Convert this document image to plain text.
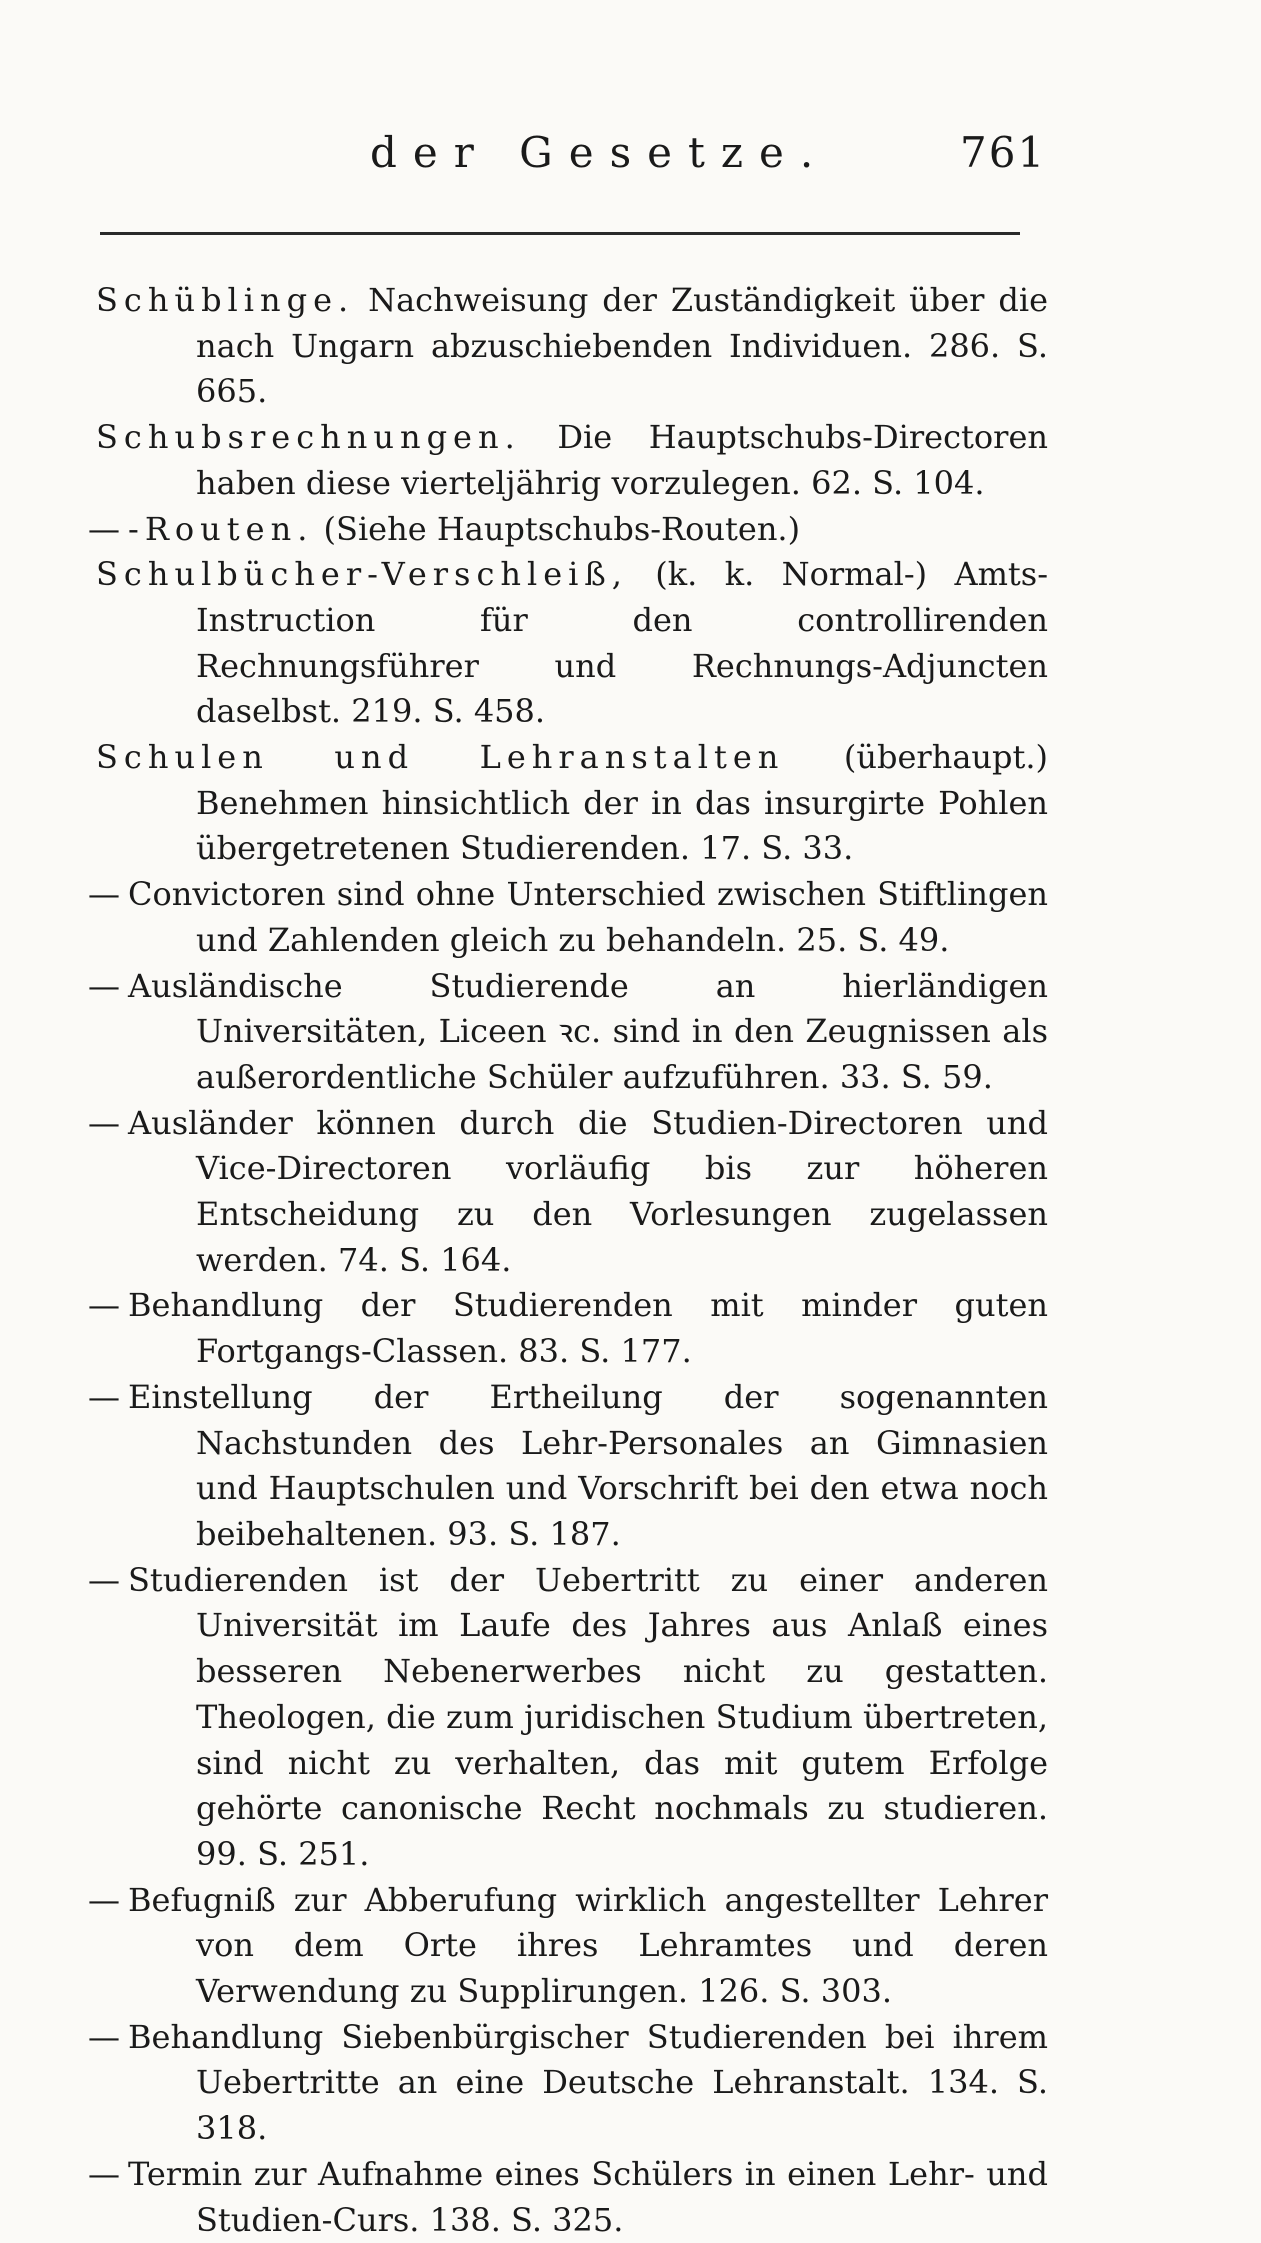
der Gesetze.	761

Schüblinge. Nachweisung der Zuständigkeit über die nach Ungarn abzuschiebenden Individuen. 286. S. 665.

Schubsrechnungen. Die Hauptschubs-Directoren haben diese vierteljährig vorzulegen. 62. S. 104.

— -Routen. (Siehe Hauptschubs-Routen.)

Schulbücher-Verschleiß, (k. k. Normal-) Amts-Instruction für den controllirenden Rechnungsführer und Rechnungs-Adjuncten daselbst. 219. S. 458.

Schulen und Lehranstalten (überhaupt.) Benehmen hinsichtlich der in das insurgirte Pohlen übergetretenen Studierenden. 17. S. 33.

— Convictoren sind ohne Unterschied zwischen Stiftlingen und Zahlenden gleich zu behandeln. 25. S. 49.

— Ausländische Studierende an hierländigen Universitäten, Liceen ꝛc. sind in den Zeugnissen als außerordentliche Schüler aufzuführen. 33. S. 59.

— Ausländer können durch die Studien-Directoren und Vice-Directoren vorläufig bis zur höheren Entscheidung zu den Vorlesungen zugelassen werden. 74. S. 164.

— Behandlung der Studierenden mit minder guten Fortgangs-Classen. 83. S. 177.

— Einstellung der Ertheilung der sogenannten Nachstunden des Lehr-Personales an Gimnasien und Hauptschulen und Vorschrift bei den etwa noch beibehaltenen. 93. S. 187.

— Studierenden ist der Uebertritt zu einer anderen Universität im Laufe des Jahres aus Anlaß eines besseren Nebenerwerbes nicht zu gestatten. Theologen, die zum juridischen Studium übertreten, sind nicht zu verhalten, das mit gutem Erfolge gehörte canonische Recht nochmals zu studieren. 99. S. 251.

— Befugniß zur Abberufung wirklich angestellter Lehrer von dem Orte ihres Lehramtes und deren Verwendung zu Supplirungen. 126. S. 303.

— Behandlung Siebenbürgischer Studierenden bei ihrem Uebertritte an eine Deutsche Lehranstalt. 134. S. 318.

— Termin zur Aufnahme eines Schülers in einen Lehr- und Studien-Curs. 138. S. 325.
